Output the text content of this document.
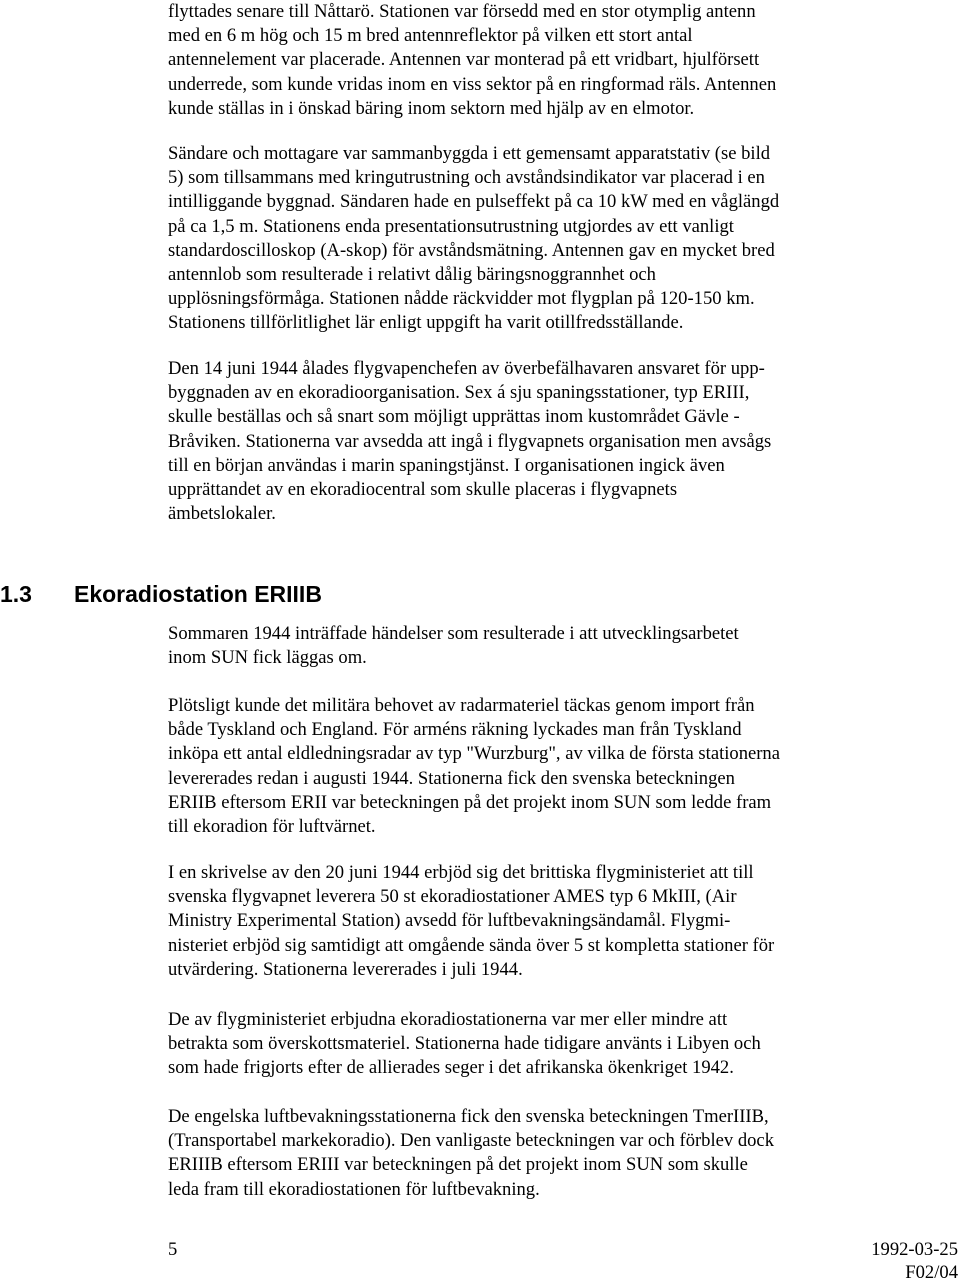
flyttades senare till Nåttarö. Stationen var försedd med en stor otymplig antenn
med en 6 m hög och 15 m bred antennreflektor på vilken ett stort antal
antennelement var placerade. Antennen var monterad på ett vridbart, hjulförsett
underrede, som kunde vridas inom en viss sektor på en ringformad räls. Antennen
kunde ställas in i önskad bäring inom sektorn med hjälp av en elmotor.
Sändare och mottagare var sammanbyggda i ett gemensamt apparatstativ (se bild
5) som tillsammans med kringutrustning och avståndsindikator var placerad i en
intilliggande byggnad. Sändaren hade en pulseffekt på ca 10 kW med en våglängd
på ca 1,5 m. Stationens enda presentationsutrustning utgjordes av ett vanligt
standardoscilloskop (A-skop) för avståndsmätning. Antennen gav en mycket bred
antennlob som resulterade i relativt dålig bäringsnoggrannhet och
upplösningsförmåga. Stationen nådde räckvidder mot flygplan på 120-150 km.
Stationens tillförlitlighet lär enligt uppgift ha varit otillfredsställande.
Den 14 juni 1944 ålades flygvapenchefen av överbefälhavaren ansvaret för upp-
byggnaden av en ekoradioorganisation. Sex á sju spaningsstationer, typ ERIII,
skulle beställas och så snart som möjligt upprättas inom kustområdet Gävle -
Bråviken. Stationerna var avsedda att ingå i flygvapnets organisation men avsågs
till en början användas i marin spaningstjänst. I organisationen ingick även
upprättandet av en ekoradiocentral som skulle placeras i flygvapnets
ämbetslokaler.
1.3 Ekoradiostation ERIIIB
Sommaren 1944 inträffade händelser som resulterade i att utvecklingsarbetet
inom SUN fick läggas om.
Plötsligt kunde det militära behovet av radarmateriel täckas genom import från
både Tyskland och England. För arméns räkning lyckades man från Tyskland
inköpa ett antal eldledningsradar av typ "Wurzburg", av vilka de första stationerna
levererades redan i augusti 1944. Stationerna fick den svenska beteckningen
ERIIB eftersom ERII var beteckningen på det projekt inom SUN som ledde fram
till ekoradion för luftvärnet.
I en skrivelse av den 20 juni 1944 erbjöd sig det brittiska flygministeriet att till
svenska flygvapnet leverera 50 st ekoradiostationer AMES typ 6 MkIII, (Air
Ministry Experimental Station) avsedd för luftbevakningsändamål. Flygmi-
nisteriet erbjöd sig samtidigt att omgående sända över 5 st kompletta stationer för
utvärdering. Stationerna levererades i juli 1944.
De av flygministeriet erbjudna ekoradiostationerna var mer eller mindre att
betrakta som överskottsmateriel. Stationerna hade tidigare använts i Libyen och
som hade frigjorts efter de allierades seger i det afrikanska ökenkriget 1942.
De engelska luftbevakningsstationerna fick den svenska beteckningen TmerIIIB,
(Transportabel markekoradio). Den vanligaste beteckningen var och förblev dock
ERIIIB eftersom ERIII var beteckningen på det projekt inom SUN som skulle
leda fram till ekoradiostationen för luftbevakning.
5	1992-03-25
F02/04
